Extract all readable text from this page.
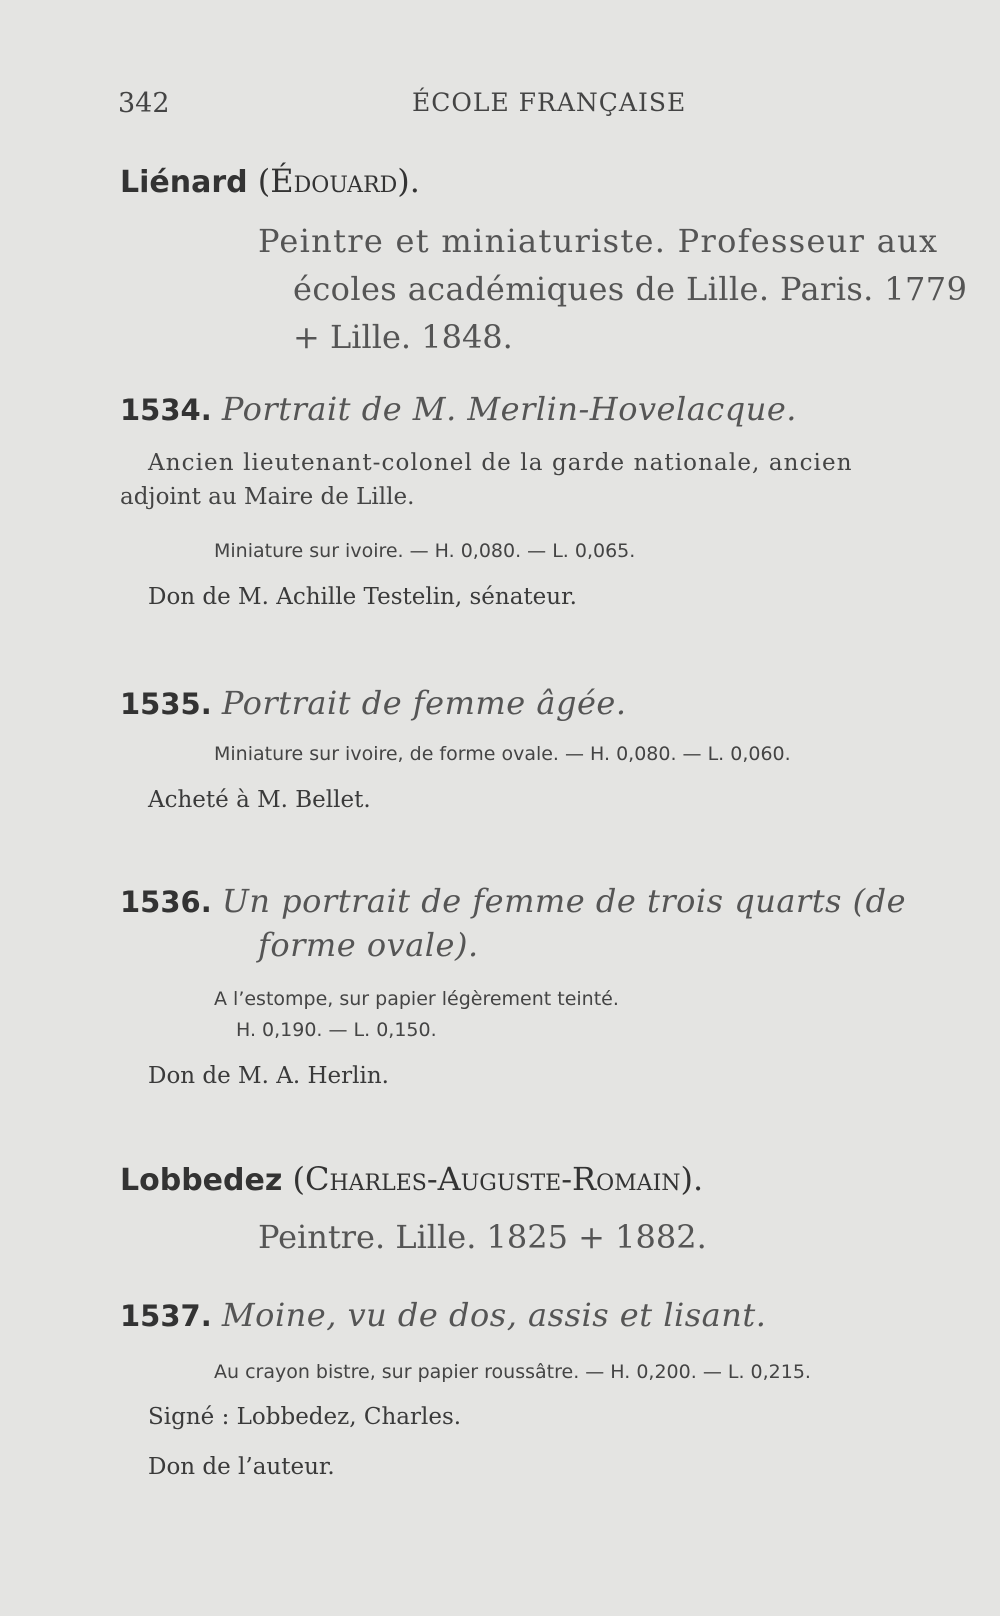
342	ÉCOLE FRANÇAISE
Liénard (Édouard).
Peintre et miniaturiste. Professeur aux
écoles académiques de Lille. Paris. 1779
+ Lille. 1848.
1534. Portrait de M. Merlin-Hovelacque.
Ancien lieutenant-colonel de la garde nationale, ancien
adjoint au Maire de Lille.
Miniature sur ivoire. — H. 0,080. — L. 0,065.
Don de M. Achille Testelin, sénateur.
1535. Portrait de femme âgée.
Miniature sur ivoire, de forme ovale. — H. 0,080. — L. 0,060.
Acheté à M. Bellet.
1536. Un portrait de femme de trois quarts (de
forme ovale).
A l’estompe, sur papier légèrement teinté.
H. 0,190. — L. 0,150.
Don de M. A. Herlin.
Lobbedez (Charles-Auguste-Romain).
Peintre. Lille. 1825 + 1882.
1537. Moine, vu de dos, assis et lisant.
Au crayon bistre, sur papier roussâtre. — H. 0,200. — L. 0,215.
Signé : Lobbedez, Charles.
Don de l’auteur.
